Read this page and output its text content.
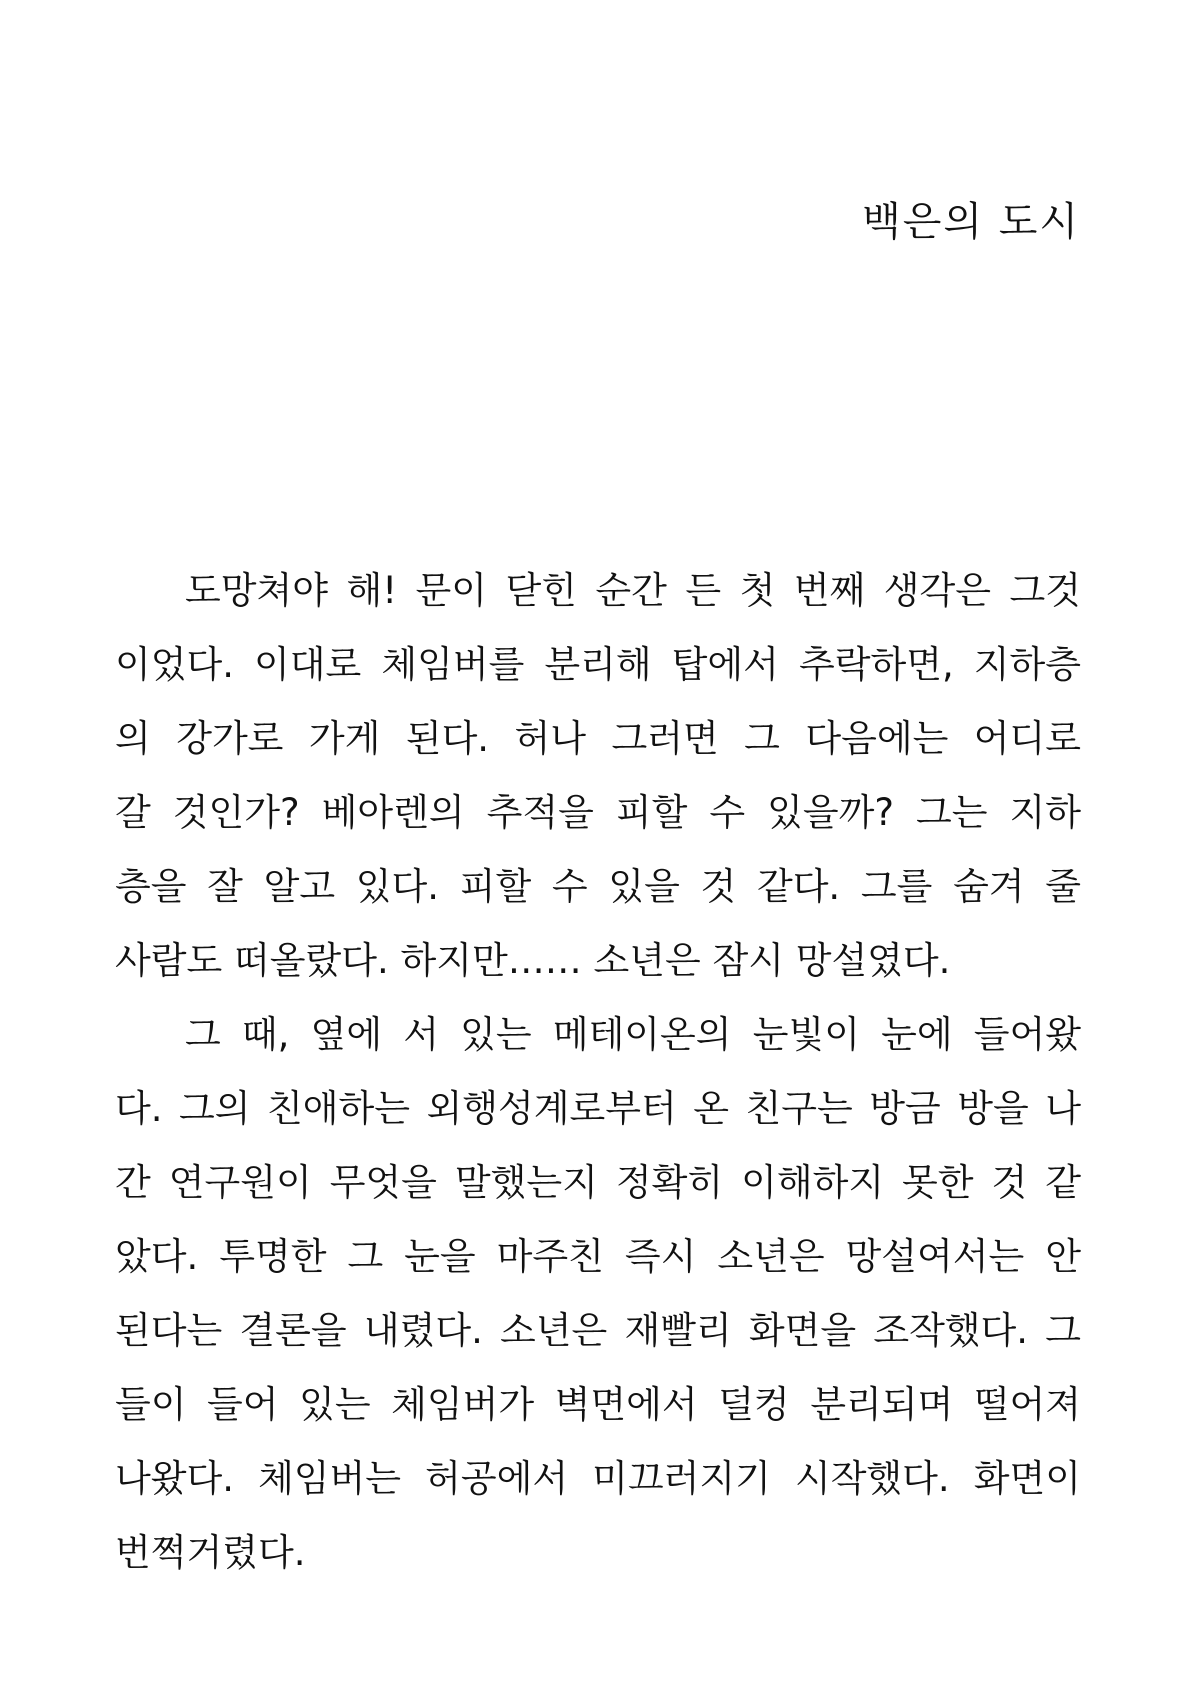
백은의 도시
도망쳐야 해! 문이 닫힌 순간 든 첫 번째 생각은 그것
이었다. 이대로 체임버를 분리해 탑에서 추락하면, 지하층
의 강가로 가게 된다. 허나 그러면 그 다음에는 어디로
갈 것인가? 베아렌의 추적을 피할 수 있을까? 그는 지하
층을 잘 알고 있다. 피할 수 있을 것 같다. 그를 숨겨 줄
사람도 떠올랐다. 하지만…… 소년은 잠시 망설였다.
그 때, 옆에 서 있는 메테이온의 눈빛이 눈에 들어왔
다. 그의 친애하는 외행성계로부터 온 친구는 방금 방을 나
간 연구원이 무엇을 말했는지 정확히 이해하지 못한 것 같
았다. 투명한 그 눈을 마주친 즉시 소년은 망설여서는 안
된다는 결론을 내렸다. 소년은 재빨리 화면을 조작했다. 그
들이 들어 있는 체임버가 벽면에서 덜컹 분리되며 떨어져
나왔다. 체임버는 허공에서 미끄러지기 시작했다. 화면이
번쩍거렸다.
